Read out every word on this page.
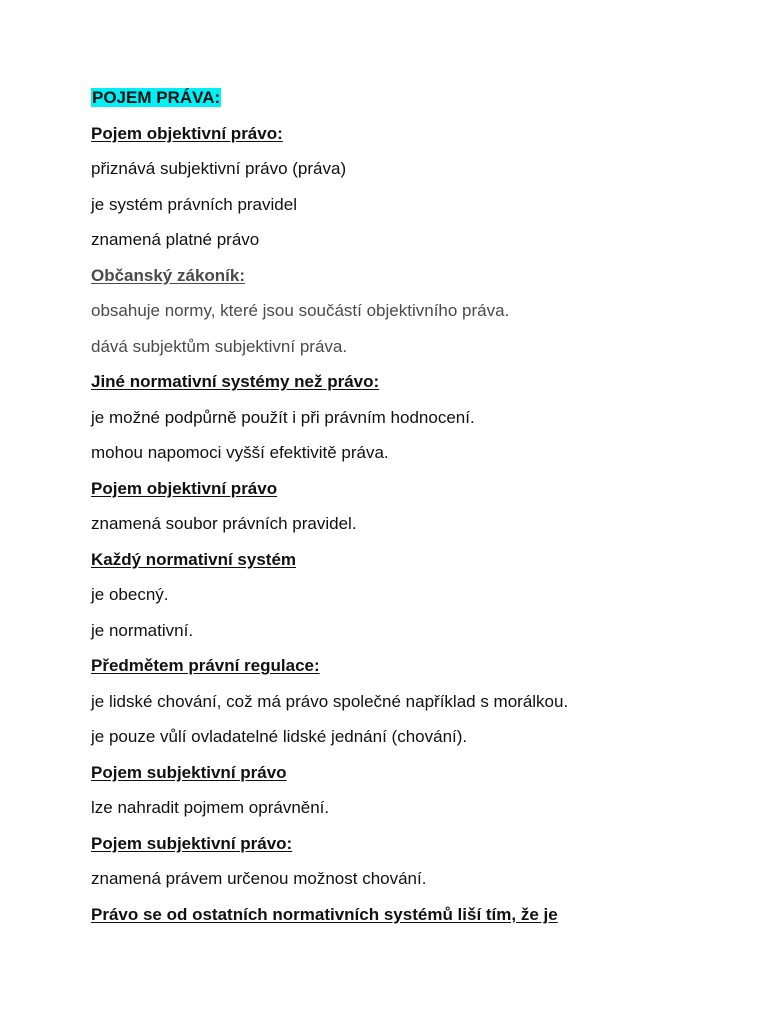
POJEM PRÁVA:
Pojem objektivní právo:
přiznává subjektivní právo (práva)
je systém právních pravidel
znamená platné právo
Občanský zákoník:
obsahuje normy, které jsou součástí objektivního práva.
dává subjektům subjektivní práva.
Jiné normativní systémy než právo:
je možné podpůrně použít i při právním hodnocení.
mohou napomoci vyšší efektivitě práva.
Pojem objektivní právo
znamená soubor právních pravidel.
Každý normativní systém
je obecný.
je normativní.
Předmětem právní regulace:
je lidské chování, což má právo společné například s morálkou.
je pouze vůlí ovladatelné lidské jednání (chování).
Pojem subjektivní právo
lze nahradit pojmem oprávnění.
Pojem subjektivní právo:
znamená právem určenou možnost chování.
Právo se od ostatních normativních systémů liší tím, že je
